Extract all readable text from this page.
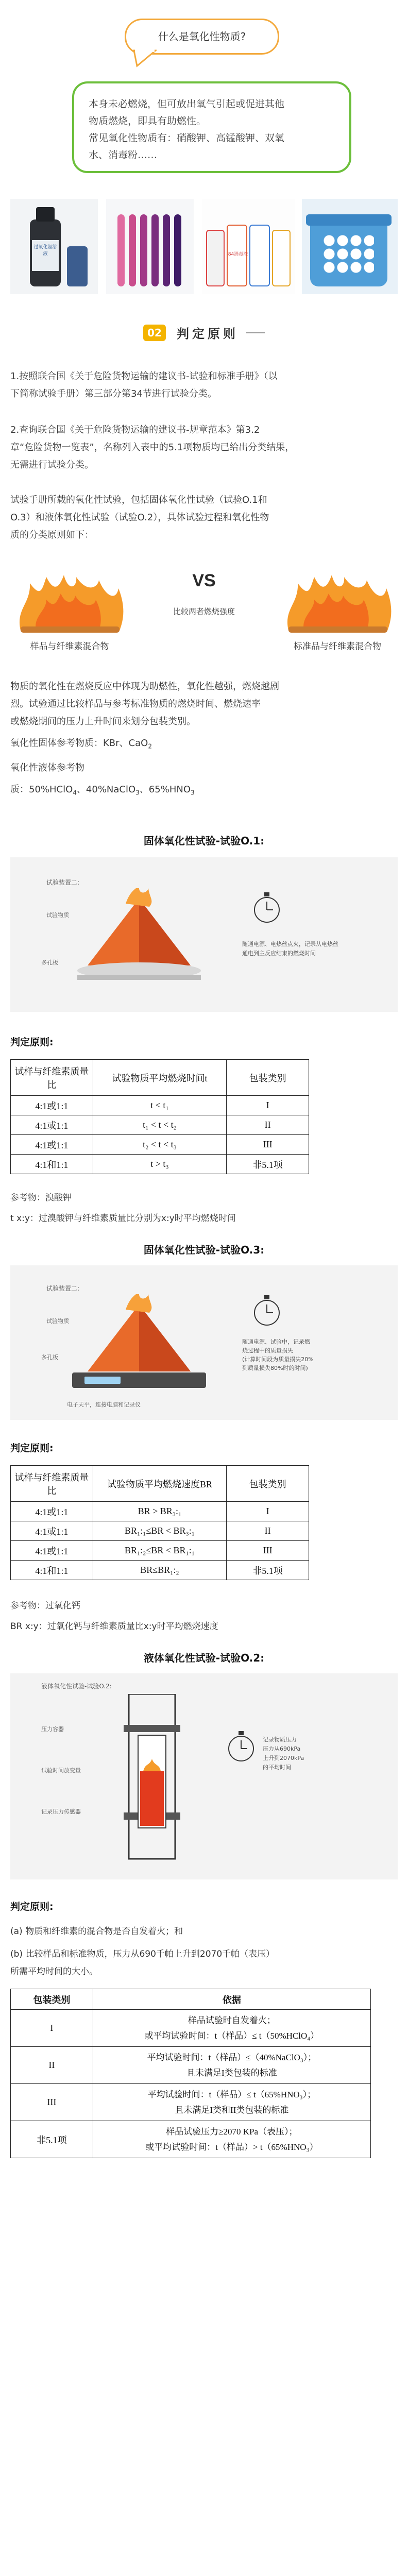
什么是氧化性物质?

本身未必燃烧，但可放出氧气引起或促进其他

物质燃烧，即具有助燃性。

常见氧化性物质有：硝酸钾、高锰酸钾、双氧

水、消毒粉……

过氧化氢溶液	84消毒液
02 判定原则

1.按照联合国《关于危险货物运输的建议书-试验和标准手册》（以

下简称试验手册）第三部分第34节进行试验分类。

2.查询联合国《关于危险货物运输的建议书-规章范本》第3.2

章“危险货物一览表”，名称列入表中的5.1项物质均已给出分类结果，

无需进行试验分类。

试验手册所载的氧化性试验，包括固体氧化性试验（试验O.1和

O.3）和液体氧化性试验（试验O.2），具体试验过程和氧化性物

质的分类原则如下：

样品与纤维素混合物
VS
比较两者燃烧强度
标准品与纤维素混合物

物质的氧化性在燃烧反应中体现为助燃性，氧化性越强，燃烧越剧

烈。试验通过比较样品与参考标准物质的燃烧时间、燃烧速率

或燃烧期间的压力上升时间来划分包装类别。

氧化性固体参考物质：KBr、CaO$_2$

氧化性液体参考物

质：50%HClO$_4$、40%NaClO$_3$、$65\%HNO_3$

固体氧化性试验-试验O.1:
试验装置二:
试验物质
多孔板
随通电源、电热丝点火，记录从电热丝
通电到主反应结束的燃烧时间
判定原则:
试样与纤维素质量比	试验物质平均燃烧时间t	包装类别
4:1或1:1	t < t₁	I
4:1或1:1	t₁ < t < t₂	II
4:1或1:1	t₂ < t < t₃	III
4:1和1:1	t > t₃	非5.1项
参考物：溴酸钾
t x:y：过溴酸钾与纤维素质量比分别为x:y时平均燃烧时间
固体氧化性试验-试验O.3:
试验装置二:
试验物质
多孔板
随通电源、试验中，记录燃
烧过程中的质量损失
(计算时间段为质量损失20%
到质量损失80%时的时间)
电子天平，连接电脑和记录仪
判定原则:
试样与纤维素质量比	试验物质平均燃烧速度BR	包装类别
4:1或1:1	BR > BR₃:₁	I
4:1或1:1	BR₁:₁≤BR < BR₃:₁	II
4:1或1:1	BR₁:₂≤BR < BR₁:₁	III
4:1和1:1	BR≤BR₁:₂	非5.1项
参考物：过氧化钙
BR x:y：过氧化钙与纤维素质量比x:y时平均燃烧速度
液体氧化性试验-试验O.2:
液体氧化性试验-试验O.2:
压力容器
试验时间放变量
记录压力传感器
记录物质压力
压力从690kPa
上升到2070kPa
的平均时间
判定原则:
(a) 物质和纤维素的混合物是否自发着火；和
(b) 比较样品和标准物质，压力从690千帕上升到2070千帕（表压）
所需平均时间的大小。
包装类别	依据
I	样品试验时自发着火；
或平均试验时间：t（样品）≤ t（50%HClO₄）

II	平均试验时间：t（样品）≤（40%NaClO₃）；
且未满足I类包装的标准

III	平均试验时间：t（样品）≤ t（65%HNO₃）；
且未满足I类和II类包装的标准

非5.1项	样品试验压力≥2070 KPa（表压）；
或平均试验时间：t（样品）> t（65%HNO₃）
